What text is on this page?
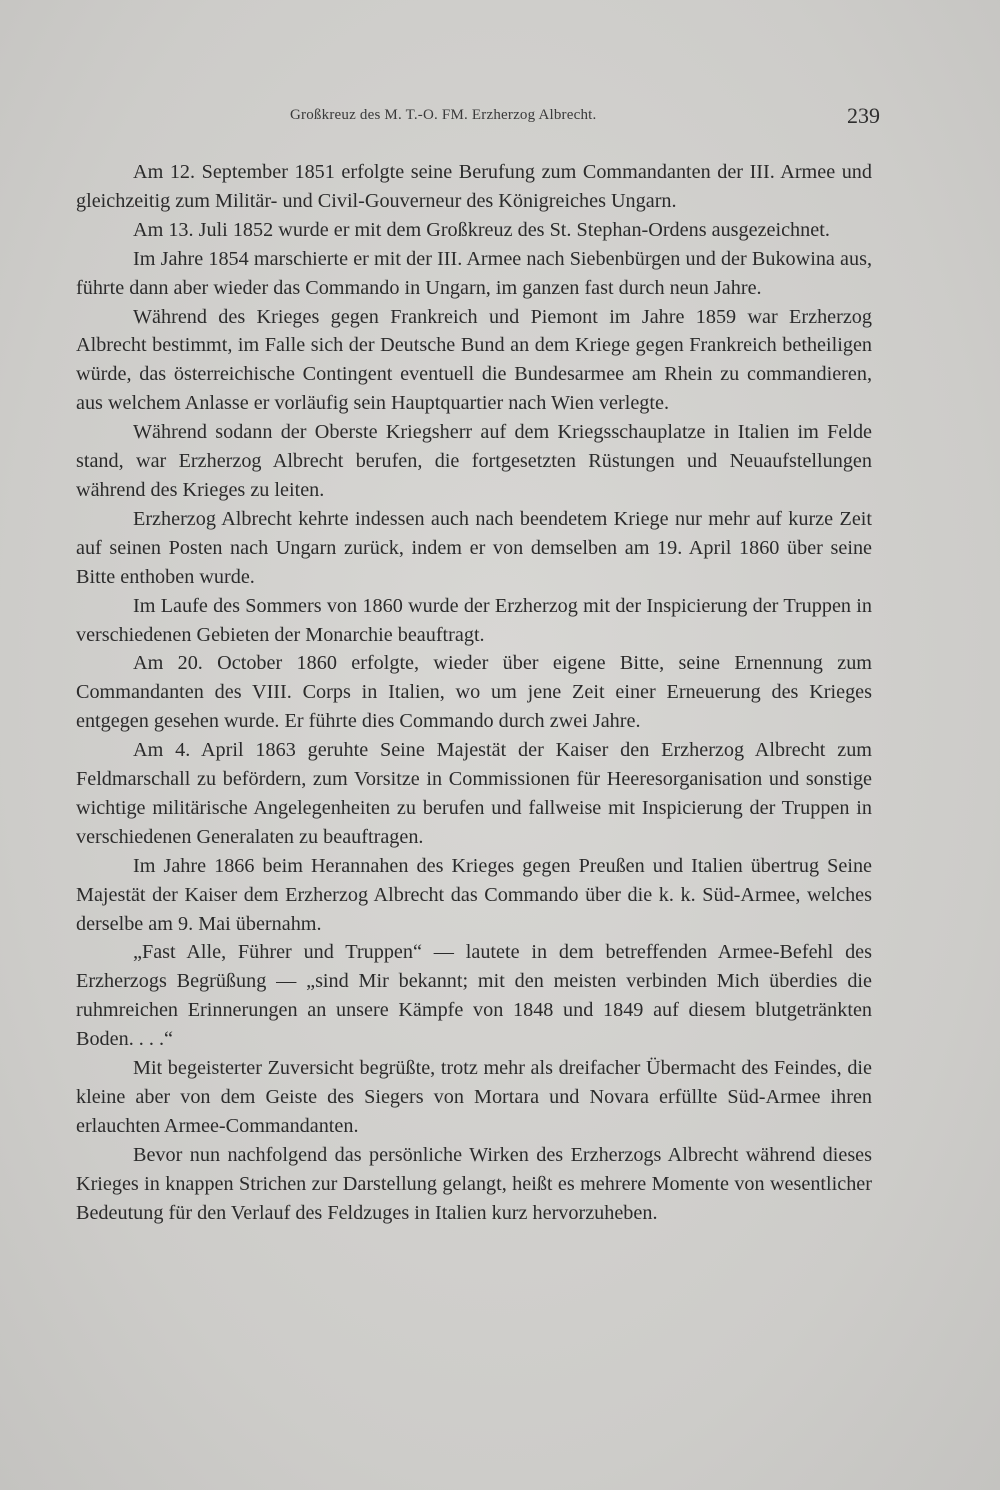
Großkreuz des M. T.-O. FM. Erzherzog Albrecht.	239

Am 12. September 1851 erfolgte seine Berufung zum Commandanten der III. Armee und gleichzeitig zum Militär- und Civil-Gouverneur des Königreiches Ungarn.

Am 13. Juli 1852 wurde er mit dem Großkreuz des St. Stephan-Ordens ausgezeichnet.

Im Jahre 1854 marschierte er mit der III. Armee nach Siebenbürgen und der Bukowina aus, führte dann aber wieder das Commando in Ungarn, im ganzen fast durch neun Jahre.

Während des Krieges gegen Frankreich und Piemont im Jahre 1859 war Erzherzog Albrecht bestimmt, im Falle sich der Deutsche Bund an dem Kriege gegen Frankreich betheiligen würde, das österreichische Contingent eventuell die Bundesarmee am Rhein zu commandieren, aus welchem Anlasse er vorläufig sein Hauptquartier nach Wien verlegte.

Während sodann der Oberste Kriegsherr auf dem Kriegsschauplatze in Italien im Felde stand, war Erzherzog Albrecht berufen, die fortgesetzten Rüstungen und Neuaufstellungen während des Krieges zu leiten.

Erzherzog Albrecht kehrte indessen auch nach beendetem Kriege nur mehr auf kurze Zeit auf seinen Posten nach Ungarn zurück, indem er von demselben am 19. April 1860 über seine Bitte enthoben wurde.

Im Laufe des Sommers von 1860 wurde der Erzherzog mit der Inspicierung der Truppen in verschiedenen Gebieten der Monarchie beauftragt.

Am 20. October 1860 erfolgte, wieder über eigene Bitte, seine Ernennung zum Commandanten des VIII. Corps in Italien, wo um jene Zeit einer Erneuerung des Krieges entgegen gesehen wurde. Er führte dies Commando durch zwei Jahre.

Am 4. April 1863 geruhte Seine Majestät der Kaiser den Erzherzog Albrecht zum Feldmarschall zu befördern, zum Vorsitze in Commissionen für Heeresorganisation und sonstige wichtige militärische Angelegenheiten zu berufen und fallweise mit Inspicierung der Truppen in verschiedenen Generalaten zu beauftragen.

Im Jahre 1866 beim Herannahen des Krieges gegen Preußen und Italien übertrug Seine Majestät der Kaiser dem Erzherzog Albrecht das Commando über die k. k. Süd-Armee, welches derselbe am 9. Mai übernahm.

„Fast Alle, Führer und Truppen“ — lautete in dem betreffenden Armee-Befehl des Erzherzogs Begrüßung — „sind Mir bekannt; mit den meisten verbinden Mich überdies die ruhmreichen Erinnerungen an unsere Kämpfe von 1848 und 1849 auf diesem blutgetränkten Boden. . . .“

Mit begeisterter Zuversicht begrüßte, trotz mehr als dreifacher Übermacht des Feindes, die kleine aber von dem Geiste des Siegers von Mortara und Novara erfüllte Süd-Armee ihren erlauchten Armee-Commandanten.

Bevor nun nachfolgend das persönliche Wirken des Erzherzogs Albrecht während dieses Krieges in knappen Strichen zur Darstellung gelangt, heißt es mehrere Momente von wesentlicher Bedeutung für den Verlauf des Feldzuges in Italien kurz hervorzuheben.
